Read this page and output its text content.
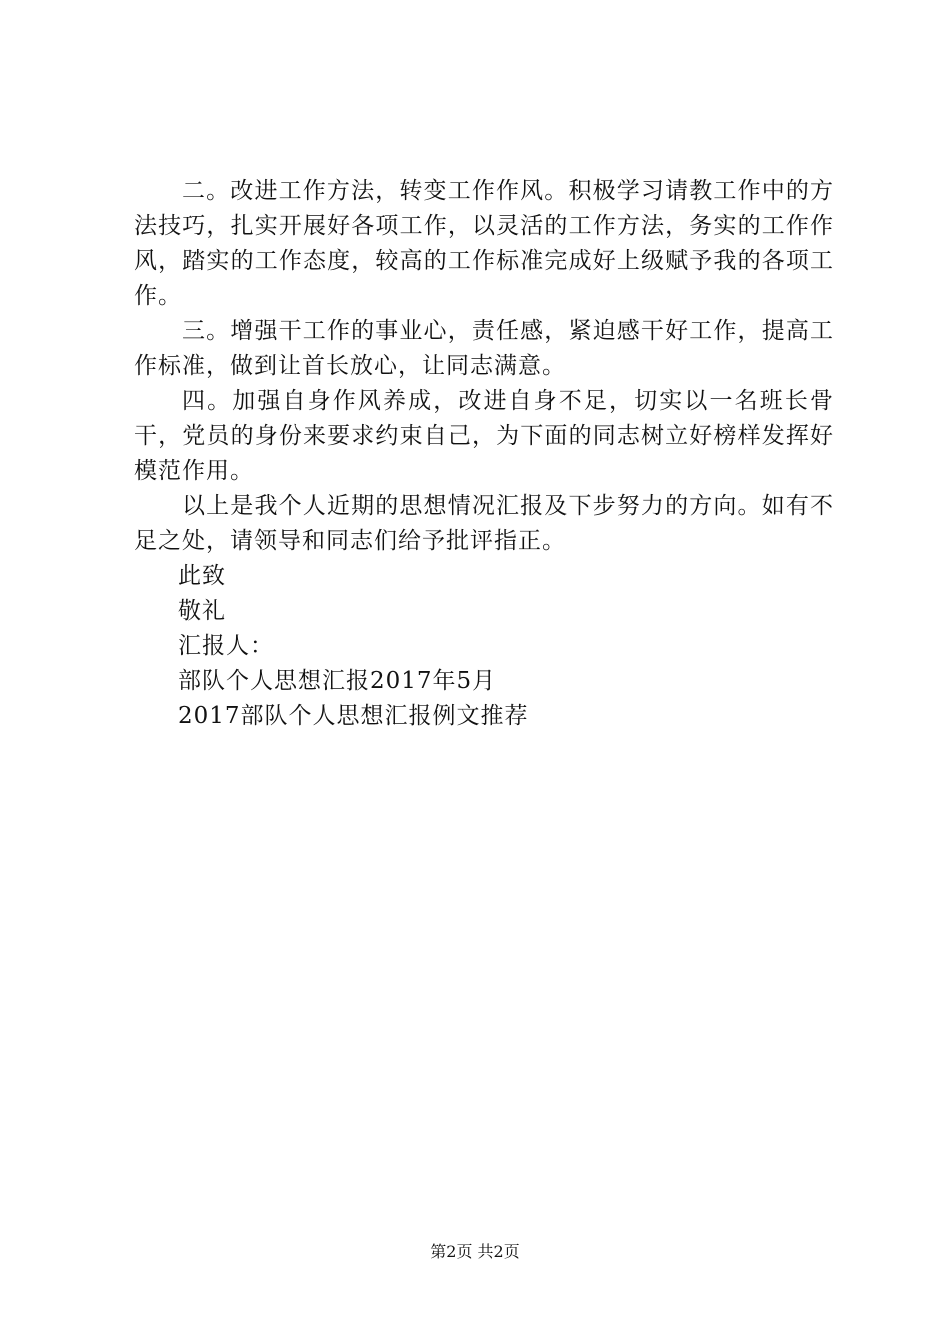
二。改进工作方法，转变工作作风。积极学习请教工作中的方法技巧，扎实开展好各项工作，以灵活的工作方法，务实的工作作风，踏实的工作态度，较高的工作标准完成好上级赋予我的各项工作。

三。增强干工作的事业心，责任感，紧迫感干好工作，提高工作标准，做到让首长放心，让同志满意。

四。加强自身作风养成，改进自身不足，切实以一名班长骨干，党员的身份来要求约束自己，为下面的同志树立好榜样发挥好模范作用。

以上是我个人近期的思想情况汇报及下步努力的方向。如有不足之处，请领导和同志们给予批评指正。

此致

敬礼

汇报人：

部队个人思想汇报2017年5月

2017部队个人思想汇报例文推荐

第2页 共2页
